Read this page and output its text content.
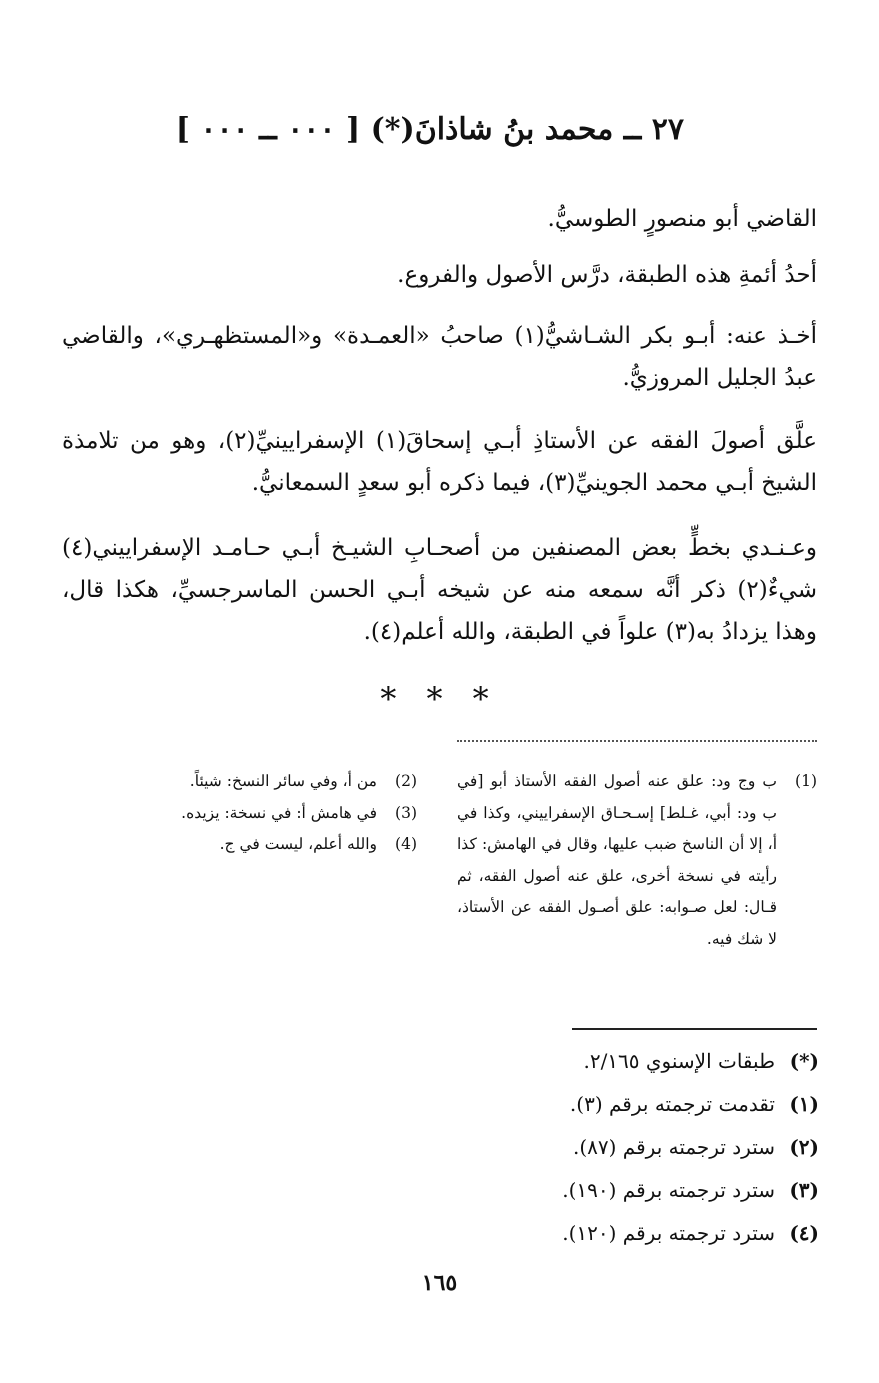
٢٧ ــ محمد بنُ شاذانَ(*) [ ٠٠٠ ــ ٠٠٠ ]
القاضي أبو منصورٍ الطوسيُّ.
أحدُ أئمةِ هذه الطبقة، درَّس الأصول والفروع.
أخـذ عنه: أبـو بكر الشـاشيُّ(١) صاحبُ «العمـدة» و«المستظهـري»، والقاضي عبدُ الجليل المروزيُّ.
علَّق أصولَ الفقه عن الأستاذِ أبـي إسحاقَ(١) الإسفرايينيِّ(٢)، وهو من تلامذة الشيخ أبـي محمد الجوينيِّ(٣)، فيما ذكره أبو سعدٍ السمعانيُّ.
وعـنـدي بخطٍّ بعض المصنفين من أصحـابِ الشيـخ أبـي حـامـد الإسفراييني(٤) شيءٌ(٢) ذكر أنَّه سمعه منه عن شيخه أبـي الحسن الماسرجسيِّ، هكذا قال، وهذا يزدادُ به(٣) علواً في الطبقة، والله أعلم(٤).
* * *
(1)
ب وج ود: علق عنه أصول الفقه الأستاذ أبو [في ب ود: أبي، غـلط] إسـحـاق الإسفراييني، وكذا في أ، إلا أن الناسخ ضبب عليها، وقال في الهامش: كذا رأيته في نسخة أخرى، علق عنه أصول الفقه، ثم قـال: لعل صـوابه: علق أصـول الفقه عن الأستاذ، لا شك فيه.
(2)
من أ، وفي سائر النسخ: شيئاً.
(3)
في هامش أ: في نسخة: يزيده.
(4)
والله أعلم، ليست في ج.
(*)
طبقات الإسنوي ٢/١٦٥.
(١)
تقدمت ترجمته برقم (٣).
(٢)
سترد ترجمته برقم (٨٧).
(٣)
سترد ترجمته برقم (١٩٠).
(٤)
سترد ترجمته برقم (١٢٠).
١٦٥
